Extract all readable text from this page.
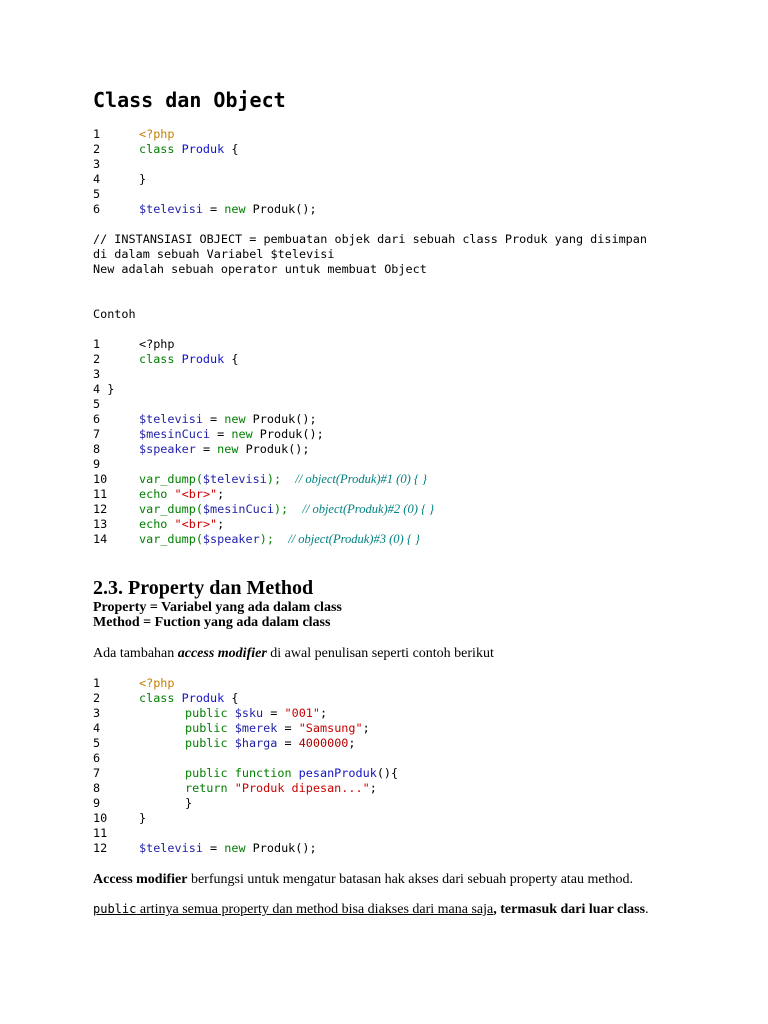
Class dan Object
1
2
3
4
5
6
<?php
class Produk {
}
$televisi = new Produk();
// INSTANSIASI OBJECT = pembuatan objek dari sebuah class Produk yang disimpan
di dalam sebuah Variabel $televisi
New adalah sebuah operator untuk membuat Object
Contoh
1
2
3
4 }
5
6
7
8
9
10
11
12
13
14
<?php
class Produk {
$televisi = new Produk();
$mesinCuci = new Produk();
$speaker = new Produk();
var_dump($televisi); // object(Produk)#1 (0) { }
echo "<br>";
var_dump($mesinCuci); // object(Produk)#2 (0) { }
echo "<br>";
var_dump($speaker); // object(Produk)#3 (0) { }
2.3. Property dan Method
Property = Variabel yang ada dalam class
Method = Fuction yang ada dalam class
Ada tambahan access modifier di awal penulisan seperti contoh berikut
1
2
3
4
5
6
7
8
9
10
11
12
<?php
class Produk {
public $sku = "001";
public $merek = "Samsung";
public $harga = 4000000;
public function pesanProduk(){
return "Produk dipesan...";
}
}
$televisi = new Produk();
Access modifier berfungsi untuk mengatur batasan hak akses dari sebuah property atau method.
public artinya semua property dan method bisa diakses dari mana saja, termasuk dari luar class.
